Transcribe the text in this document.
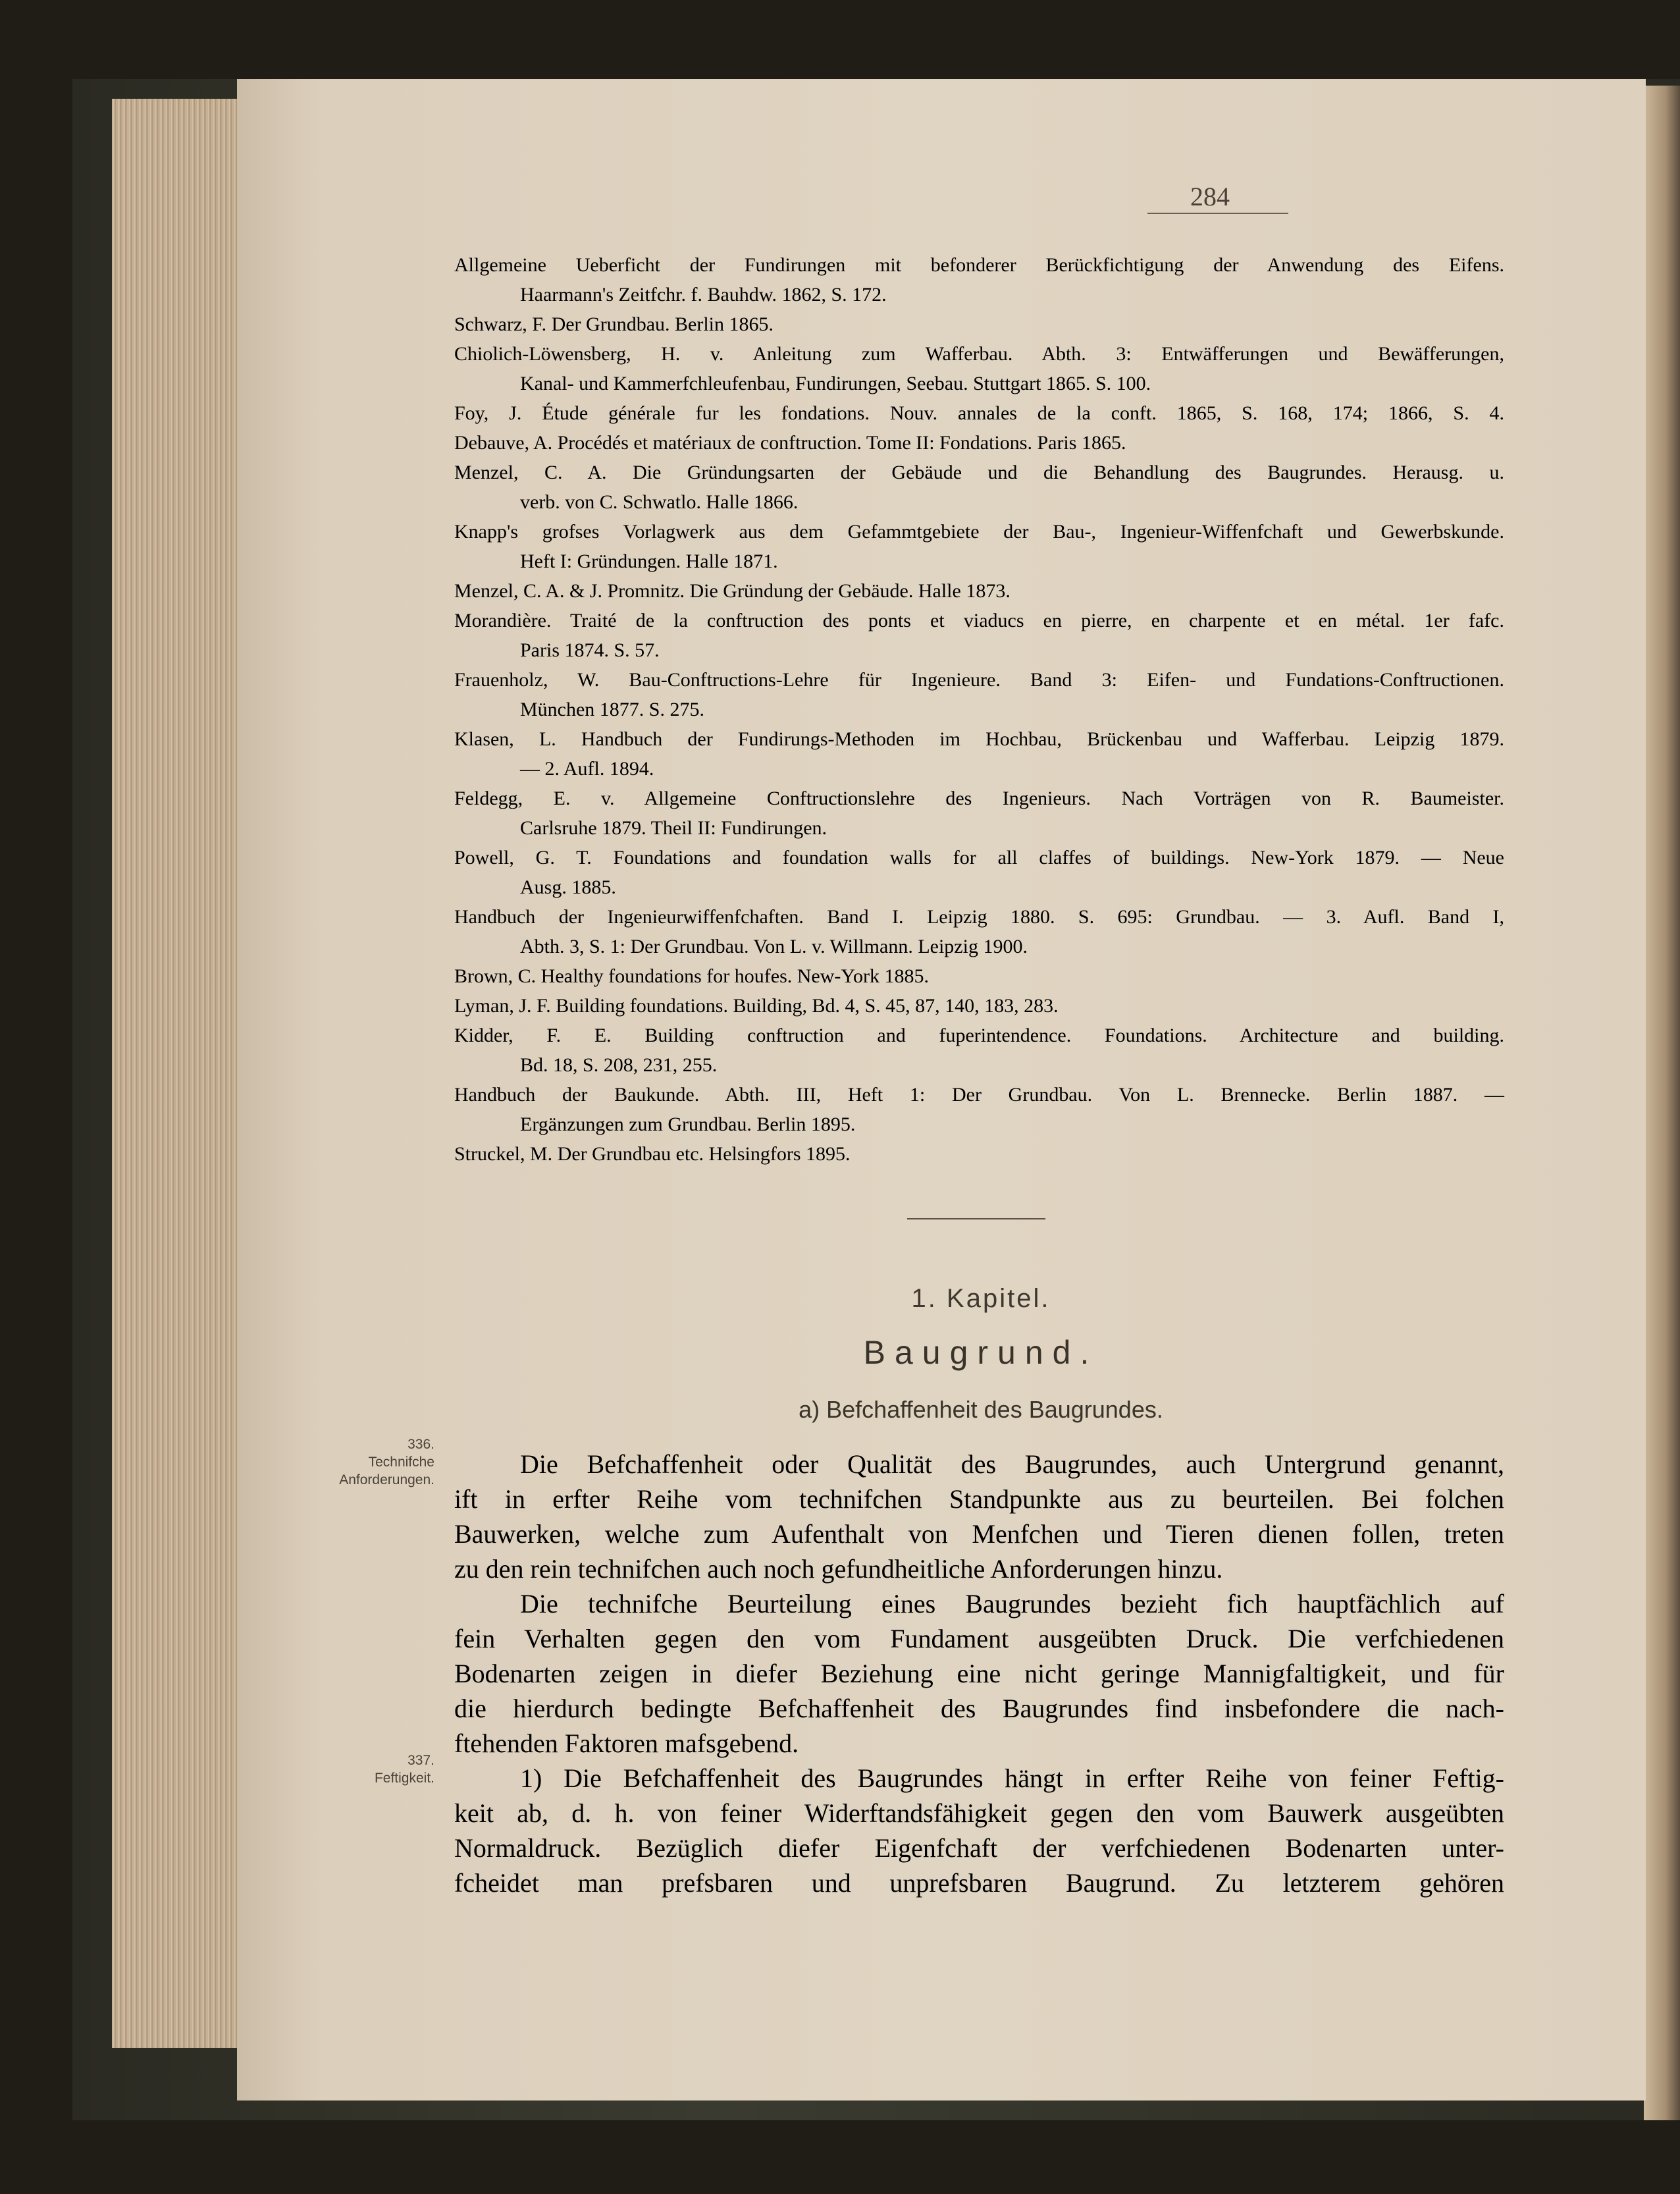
284
Allgemeine Ueberficht der Fundirungen mit befonderer Berückfichtigung der Anwendung des Eifens.
Haarmann's Zeitfchr. f. Bauhdw. 1862, S. 172.
Schwarz, F. Der Grundbau. Berlin 1865.
Chiolich-Löwensberg, H. v. Anleitung zum Wafferbau. Abth. 3: Entwäfferungen und Bewäfferungen,
Kanal- und Kammerfchleufenbau, Fundirungen, Seebau. Stuttgart 1865. S. 100.
Foy, J. Étude générale fur les fondations. Nouv. annales de la conft. 1865, S. 168, 174; 1866, S. 4.
Debauve, A. Procédés et matériaux de conftruction. Tome II: Fondations. Paris 1865.
Menzel, C. A. Die Gründungsarten der Gebäude und die Behandlung des Baugrundes. Herausg. u.
verb. von C. Schwatlo. Halle 1866.
Knapp's grofses Vorlagwerk aus dem Gefammtgebiete der Bau-, Ingenieur-Wiffenfchaft und Gewerbskunde.
Heft I: Gründungen. Halle 1871.
Menzel, C. A. & J. Promnitz. Die Gründung der Gebäude. Halle 1873.
Morandière. Traité de la conftruction des ponts et viaducs en pierre, en charpente et en métal. 1er fafc.
Paris 1874. S. 57.
Frauenholz, W. Bau-Conftructions-Lehre für Ingenieure. Band 3: Eifen- und Fundations-Conftructionen.
München 1877. S. 275.
Klasen, L. Handbuch der Fundirungs-Methoden im Hochbau, Brückenbau und Wafferbau. Leipzig 1879.
— 2. Aufl. 1894.
Feldegg, E. v. Allgemeine Conftructionslehre des Ingenieurs. Nach Vorträgen von R. Baumeister.
Carlsruhe 1879. Theil II: Fundirungen.
Powell, G. T. Foundations and foundation walls for all claffes of buildings. New-York 1879. — Neue
Ausg. 1885.
Handbuch der Ingenieurwiffenfchaften. Band I. Leipzig 1880. S. 695: Grundbau. — 3. Aufl. Band I,
Abth. 3, S. 1: Der Grundbau. Von L. v. Willmann. Leipzig 1900.
Brown, C. Healthy foundations for houfes. New-York 1885.
Lyman, J. F. Building foundations. Building, Bd. 4, S. 45, 87, 140, 183, 283.
Kidder, F. E. Building conftruction and fuperintendence. Foundations. Architecture and building.
Bd. 18, S. 208, 231, 255.
Handbuch der Baukunde. Abth. III, Heft 1: Der Grundbau. Von L. Brennecke. Berlin 1887. —
Ergänzungen zum Grundbau. Berlin 1895.
Struckel, M. Der Grundbau etc. Helsingfors 1895.
1. Kapitel.
Baugrund.
a) Befchaffenheit des Baugrundes.
336.
Technifche
Anforderungen.
337.
Feftigkeit.
Die Befchaffenheit oder Qualität des Baugrundes, auch Untergrund genannt,
ift in erfter Reihe vom technifchen Standpunkte aus zu beurteilen. Bei folchen
Bauwerken, welche zum Aufenthalt von Menfchen und Tieren dienen follen, treten
zu den rein technifchen auch noch gefundheitliche Anforderungen hinzu.
Die technifche Beurteilung eines Baugrundes bezieht fich hauptfächlich auf
fein Verhalten gegen den vom Fundament ausgeübten Druck. Die verfchiedenen
Bodenarten zeigen in diefer Beziehung eine nicht geringe Mannigfaltigkeit, und für
die hierdurch bedingte Befchaffenheit des Baugrundes find insbefondere die nach-
ftehenden Faktoren mafsgebend.
1) Die Befchaffenheit des Baugrundes hängt in erfter Reihe von feiner Feftig-
keit ab, d. h. von feiner Widerftandsfähigkeit gegen den vom Bauwerk ausgeübten
Normaldruck. Bezüglich diefer Eigenfchaft der verfchiedenen Bodenarten unter-
fcheidet man prefsbaren und unprefsbaren Baugrund. Zu letzterem gehören
